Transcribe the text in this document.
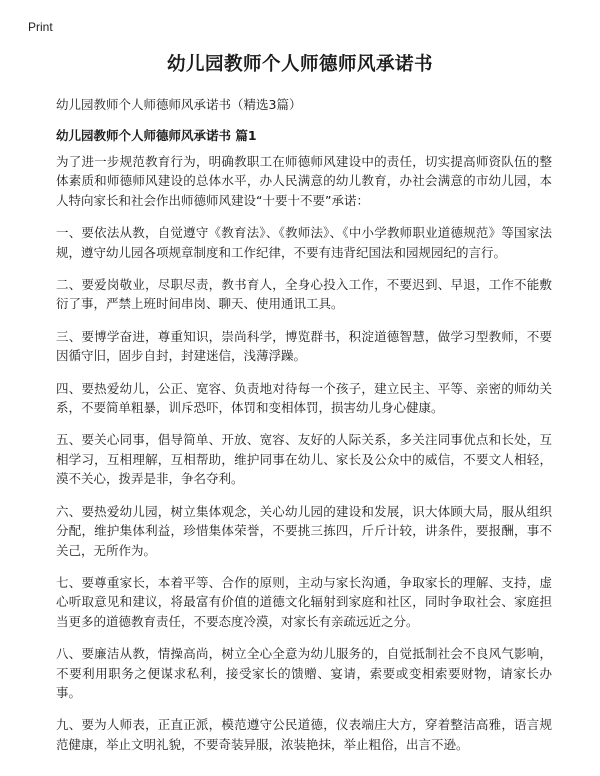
Print
幼儿园教师个人师德师风承诺书

幼儿园教师个人师德师风承诺书（精选3篇）

幼儿园教师个人师德师风承诺书 篇1

为了进一步规范教育行为，明确教职工在师德师风建设中的责任，切实提高师资队伍的整体素质和师德师风建设的总体水平，办人民满意的幼儿教育，办社会满意的市幼儿园，本人特向家长和社会作出师德师风建设“十要十不要”承诺：

一、要依法从教，自觉遵守《教育法》、《教师法》、《中小学教师职业道德规范》等国家法规，遵守幼儿园各项规章制度和工作纪律，不要有违背纪国法和园规园纪的言行。

二、要爱岗敬业，尽职尽责，教书育人，全身心投入工作，不要迟到、早退，工作不能敷衍了事，严禁上班时间串岗、聊天、使用通讯工具。

三、要博学奋进，尊重知识，崇尚科学，博览群书，积淀道德智慧，做学习型教师，不要因循守旧，固步自封，封建迷信，浅薄浮躁。

四、要热爱幼儿，公正、宽容、负责地对待每一个孩子，建立民主、平等、亲密的师幼关系，不要简单粗暴，训斥恐吓，体罚和变相体罚，损害幼儿身心健康。

五、要关心同事，倡导简单、开放、宽容、友好的人际关系，多关注同事优点和长处，互相学习，互相理解，互相帮助，维护同事在幼儿、家长及公众中的威信，不要文人相轻，漠不关心，拨弄是非，争名夺利。

六、要热爱幼儿园，树立集体观念，关心幼儿园的建设和发展，识大体顾大局，服从组织分配，维护集体利益，珍惜集体荣誉，不要挑三拣四，斤斤计较，讲条件，要报酬，事不关己，无所作为。

七、要尊重家长，本着平等、合作的原则，主动与家长沟通，争取家长的理解、支持，虚心听取意见和建议，将最富有价值的道德文化辐射到家庭和社区，同时争取社会、家庭担当更多的道德教育责任，不要态度冷漠，对家长有亲疏远近之分。

八、要廉洁从教，情操高尚，树立全心全意为幼儿服务的，自觉抵制社会不良风气影响，不要利用职务之便谋求私利，接受家长的馈赠、宴请，索要或变相索要财物，请家长办事。

九、要为人师表，正直正派，模范遵守公民道德，仪表端庄大方，穿着整洁高雅，语言规范健康，举止文明礼貌，不要奇装异服，浓装艳抹，举止粗俗，出言不逊。
